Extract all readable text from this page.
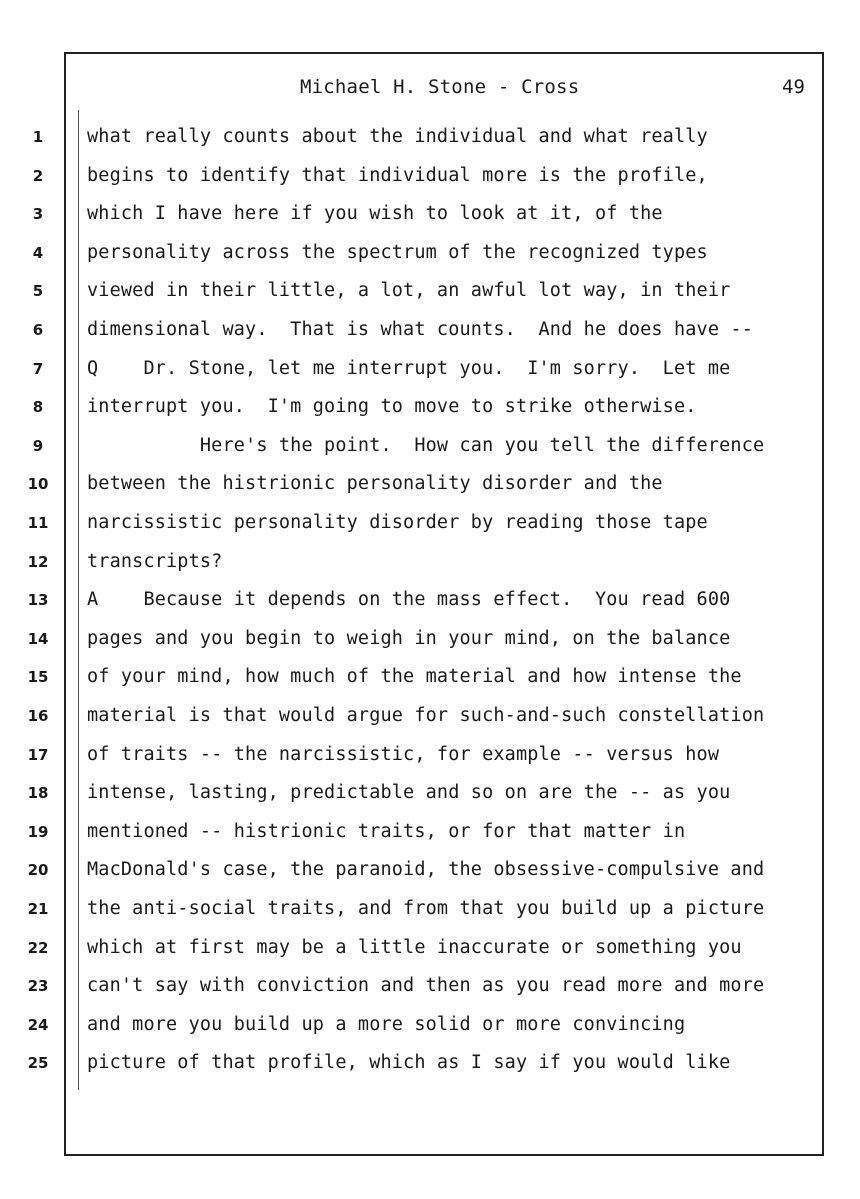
Michael H. Stone - Cross	49
1	what really counts about the individual and what really
2	begins to identify that individual more is the profile,
3	which I have here if you wish to look at it, of the
4	personality across the spectrum of the recognized types
5	viewed in their little, a lot, an awful lot way, in their
6	dimensional way.  That is what counts.  And he does have --
7	Q    Dr. Stone, let me interrupt you.  I'm sorry.  Let me
8	interrupt you.  I'm going to move to strike otherwise.
9	Here's the point.  How can you tell the difference
10	between the histrionic personality disorder and the
11	narcissistic personality disorder by reading those tape
12	transcripts?
13	A    Because it depends on the mass effect.  You read 600
14	pages and you begin to weigh in your mind, on the balance
15	of your mind, how much of the material and how intense the
16	material is that would argue for such-and-such constellation
17	of traits -- the narcissistic, for example -- versus how
18	intense, lasting, predictable and so on are the -- as you
19	mentioned -- histrionic traits, or for that matter in
20	MacDonald's case, the paranoid, the obsessive-compulsive and
21	the anti-social traits, and from that you build up a picture
22	which at first may be a little inaccurate or something you
23	can't say with conviction and then as you read more and more
24	and more you build up a more solid or more convincing
25	picture of that profile, which as I say if you would like
